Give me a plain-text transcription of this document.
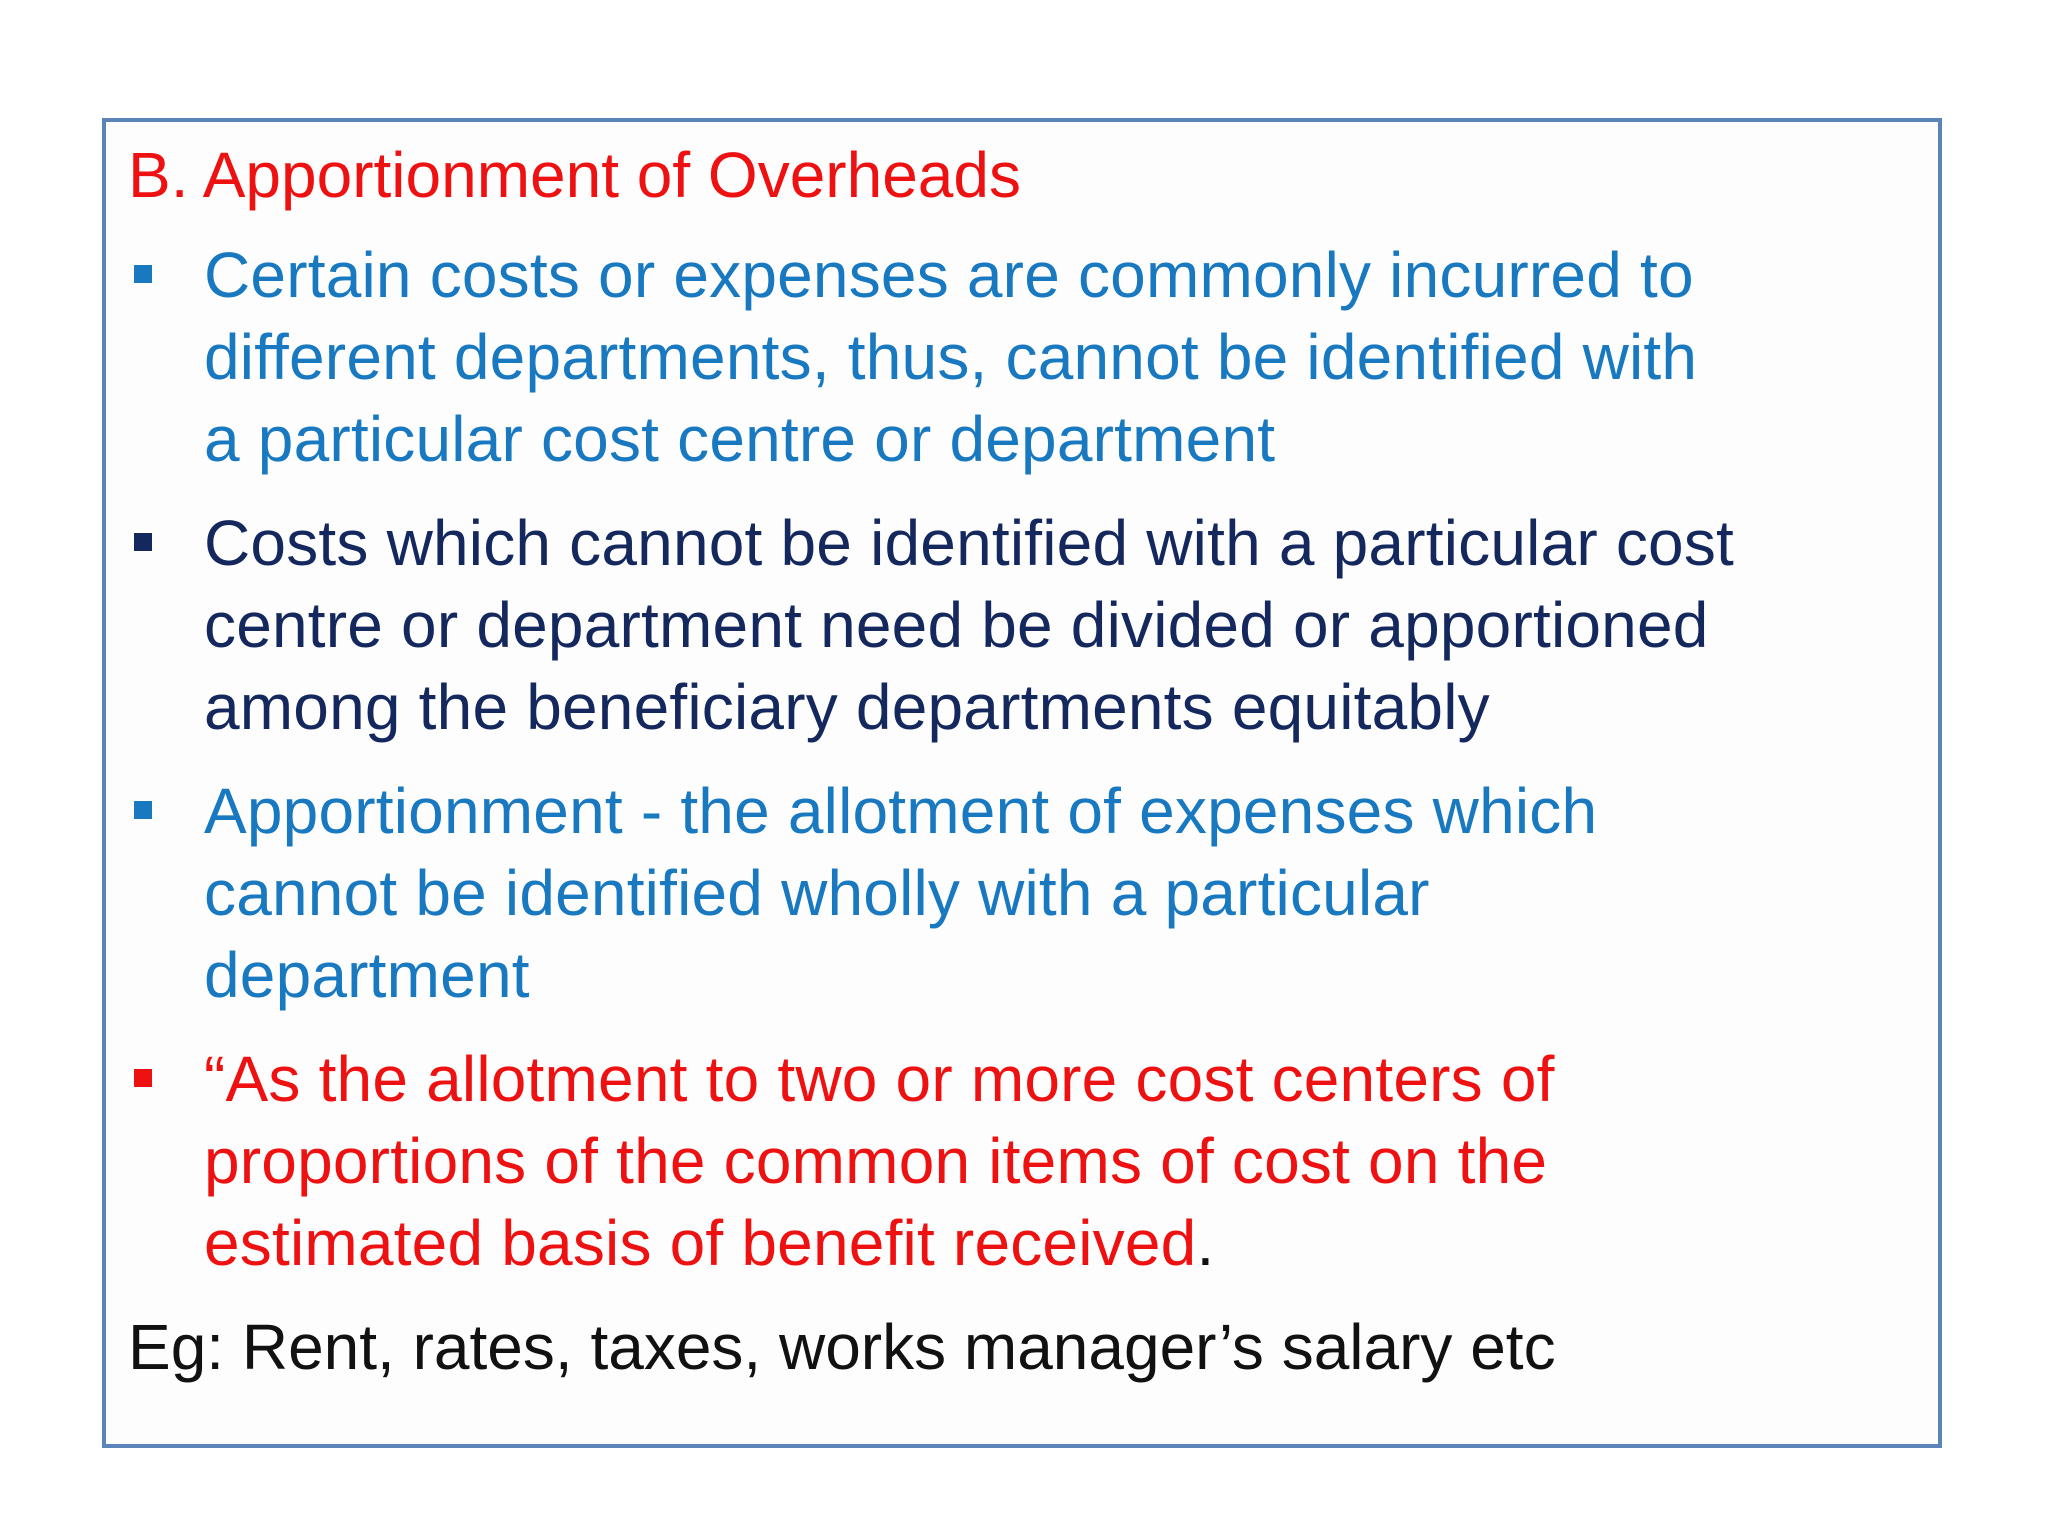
B. Apportionment of Overheads
Certain costs or expenses are commonly incurred to
different departments, thus, cannot be identified with
a particular cost centre or department
Costs which cannot be identified with a particular cost
centre or department need be divided or apportioned
among the beneficiary departments equitably
Apportionment - the allotment of expenses which
cannot be identified wholly with a particular
department
“As the allotment to two or more cost centers of
proportions of the common items of cost on the
estimated basis of benefit received.

Eg: Rent, rates, taxes, works manager’s salary etc
